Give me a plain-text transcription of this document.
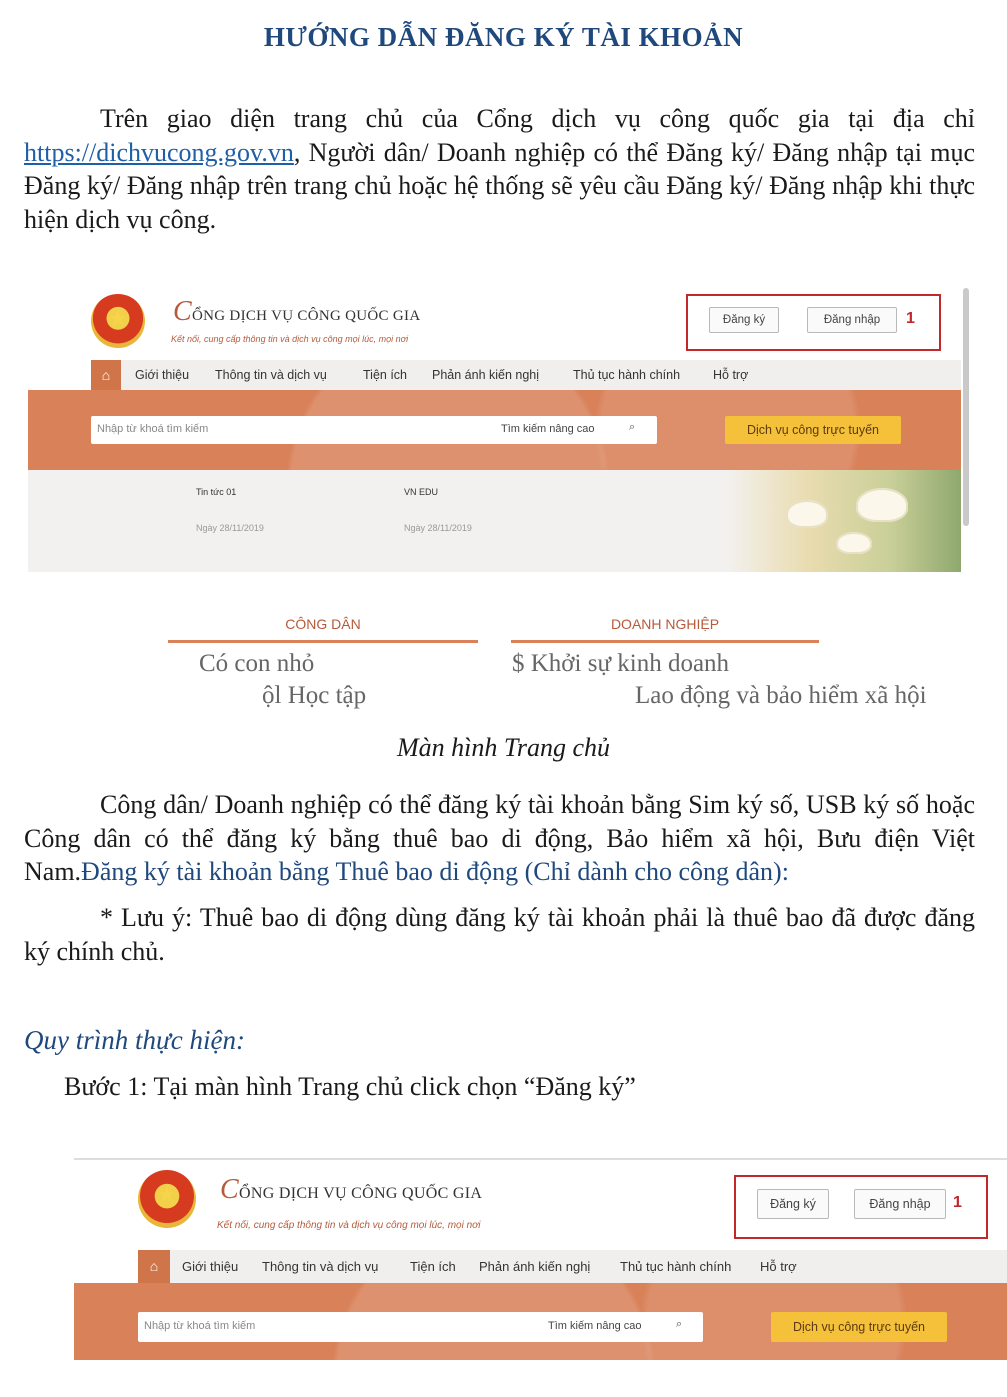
HƯỚNG DẪN ĐĂNG KÝ TÀI KHOẢN
Trên giao diện trang chủ của Cổng dịch vụ công quốc gia tại địa chỉ https://dichvucong.gov.vn, Người dân/ Doanh nghiệp có thể Đăng ký/ Đăng nhập tại mục Đăng ký/ Đăng nhập trên trang chủ hoặc hệ thống sẽ yêu cầu Đăng ký/ Đăng nhập khi thực hiện dịch vụ công.
★	CỔNG DỊCH VỤ CÔNG QUỐC GIA
Kết nối, cung cấp thông tin và dịch vụ công mọi lúc, mọi nơi
Đăng ký	Đăng nhập	1
⌂	Giới thiệu Thông tin và dịch vụ	Tiện ích Phản ánh kiến nghị	Thủ tục hành chính	Hỗ trợ
Nhập từ khoá tìm kiếm	Tìm kiếm nâng cao	⌕	Dịch vụ công trực tuyến
Tin tức 01
Ngày 28/11/2019
VN EDU
Ngày 28/11/2019
CÔNG DÂN	DOANH NGHIỆP
Có con nhỏ	$ Khởi sự kinh doanh
ộl Học tập	Lao động và bảo hiểm xã hội
Màn hình Trang chủ
Công dân/ Doanh nghiệp có thể đăng ký tài khoản bằng Sim ký số, USB ký số hoặc Công dân có thể đăng ký bằng thuê bao di động, Bảo hiểm xã hội, Bưu điện Việt Nam.Đăng ký tài khoản bằng Thuê bao di động (Chỉ dành cho công dân):
* Lưu ý: Thuê bao di động dùng đăng ký tài khoản phải là thuê bao đã được đăng ký chính chủ.
Quy trình thực hiện:
Bước 1: Tại màn hình Trang chủ click chọn “Đăng ký”
★	CỔNG DỊCH VỤ CÔNG QUỐC GIA
Kết nối, cung cấp thông tin và dịch vụ công mọi lúc, mọi nơi
Đăng ký	Đăng nhập	1
⌂	Giới thiệu Thông tin và dịch vụ Tiện ích Phản ánh kiến nghị Thủ tục hành chính Hỗ trợ
Nhập từ khoá tìm kiếm	Tìm kiếm nâng cao	⌕	Dịch vụ công trực tuyến
